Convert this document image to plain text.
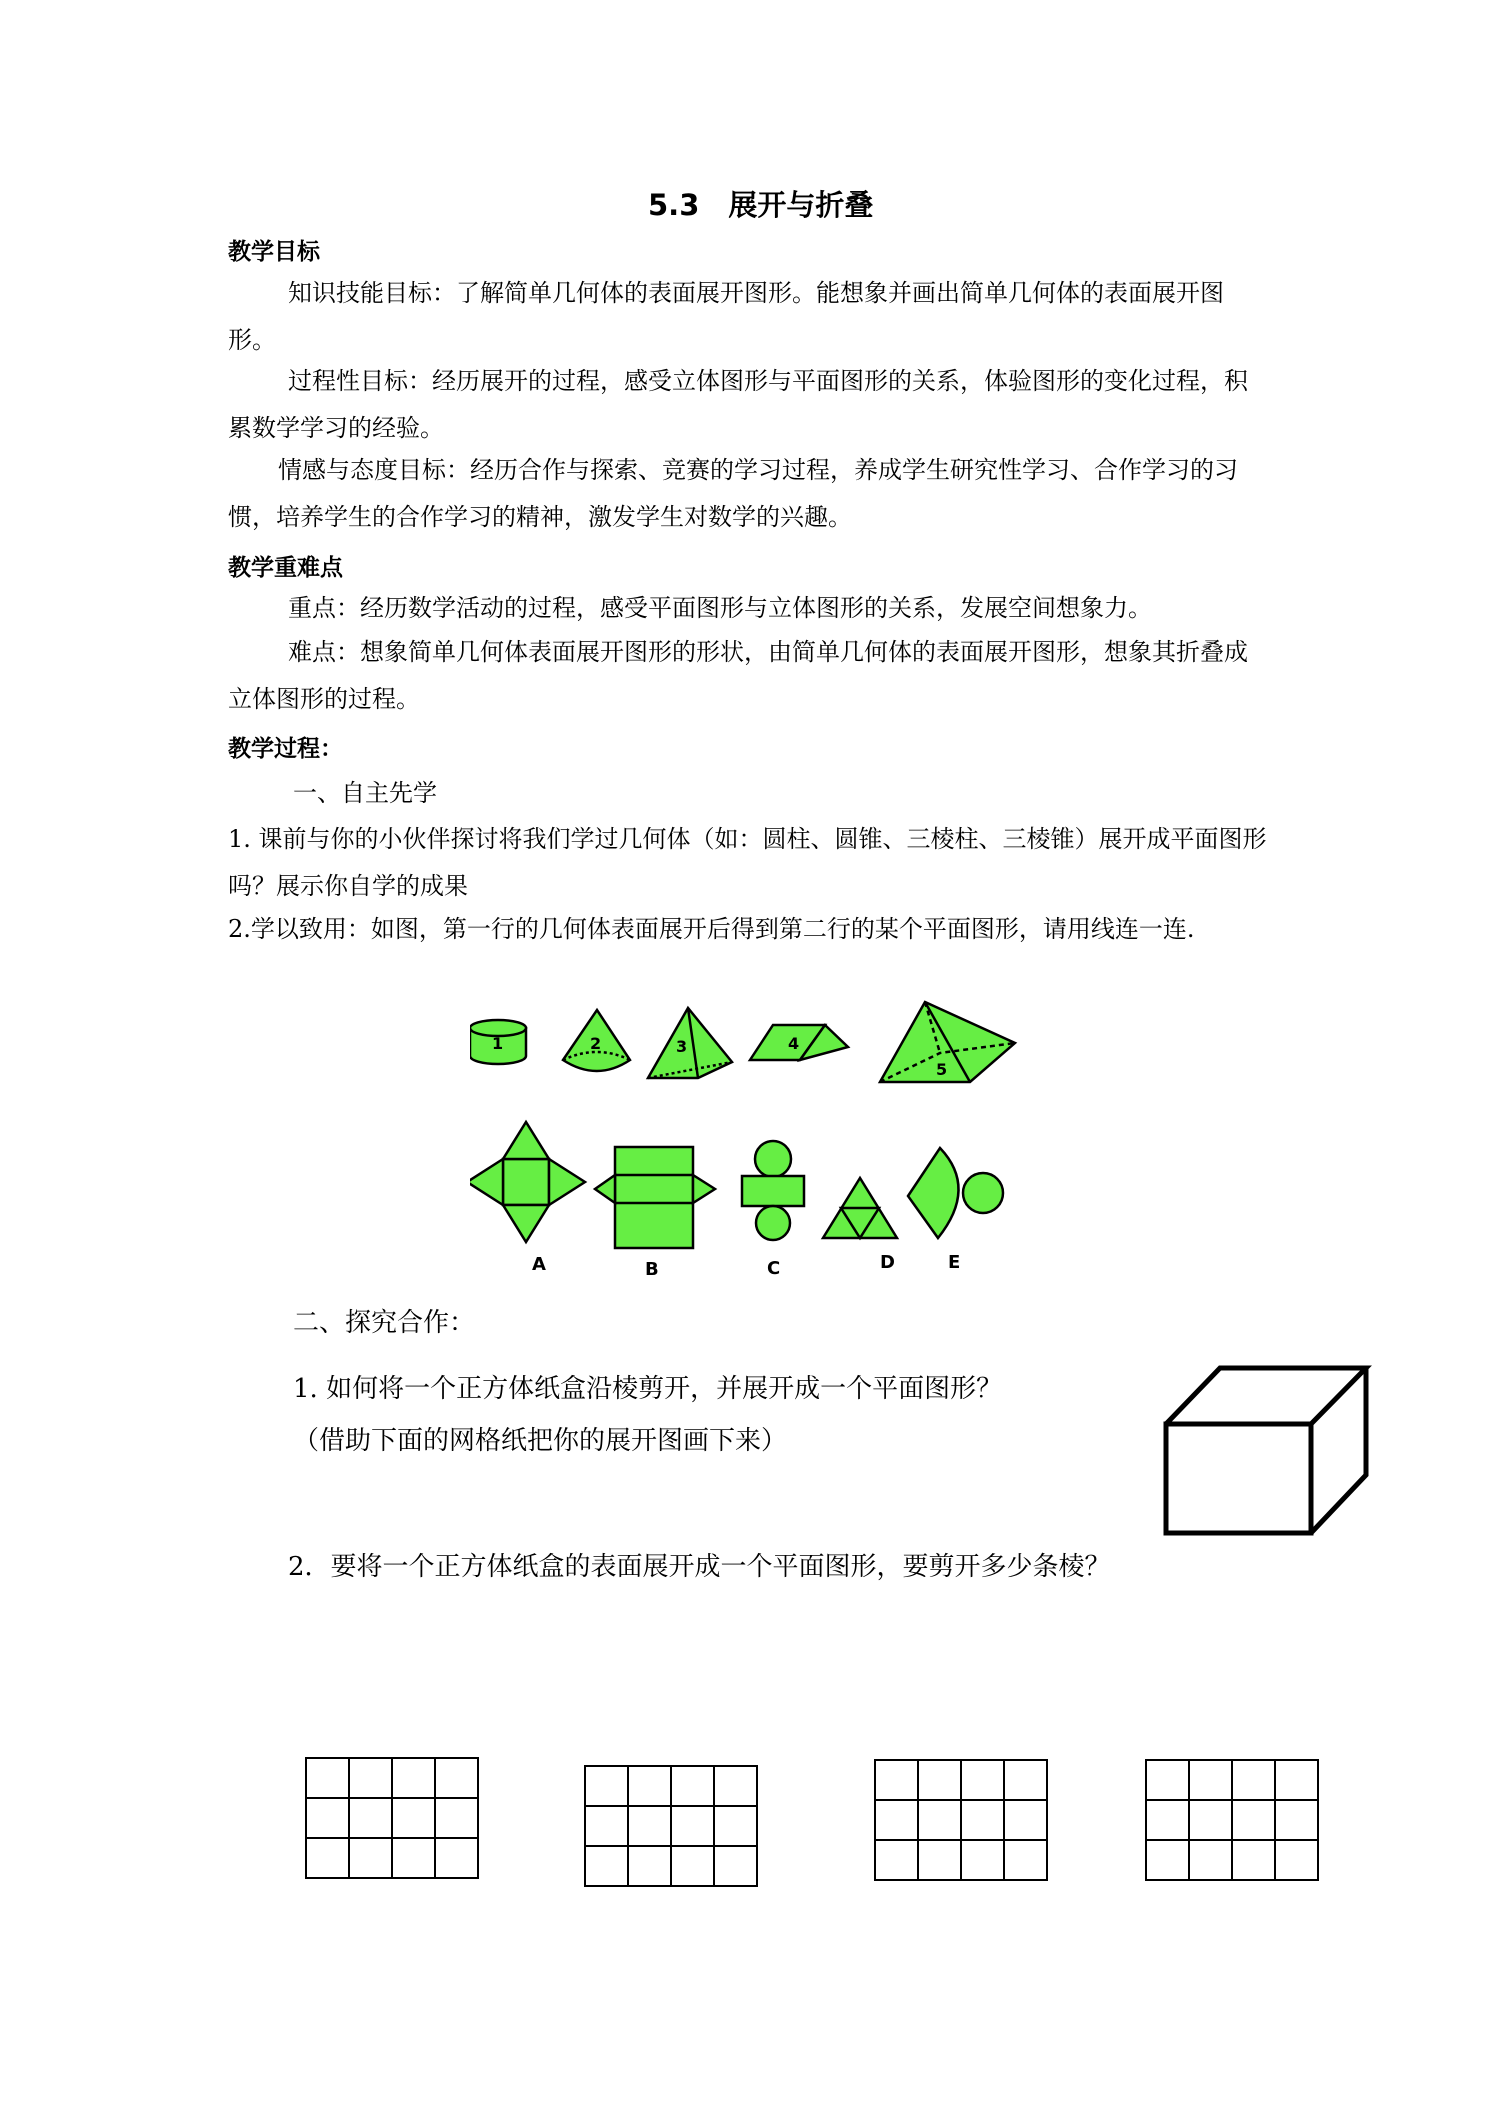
5.3　展开与折叠
教学目标
知识技能目标：了解简单几何体的表面展开图形。能想象并画出简单几何体的表面展开图形。
过程性目标：经历展开的过程，感受立体图形与平面图形的关系，体验图形的变化过程，积累数学学习的经验。
情感与态度目标：经历合作与探索、竞赛的学习过程，养成学生研究性学习、合作学习的习惯，培养学生的合作学习的精神，激发学生对数学的兴趣。
教学重难点
重点：经历数学活动的过程，感受平面图形与立体图形的关系，发展空间想象力。
难点：想象简单几何体表面展开图形的形状，由简单几何体的表面展开图形，想象其折叠成立体图形的过程。
教学过程：
一、自主先学
1. 课前与你的小伙伴探讨将我们学过几何体（如：圆柱、圆锥、三棱柱、三棱锥）展开成平面图形吗？展示你自学的成果
2.学以致用：如图，第一行的几何体表面展开后得到第二行的某个平面图形，请用线连一连.
1	2	3	4
5
A	B	C	D	E
二、探究合作：
1. 如何将一个正方体纸盒沿棱剪开，并展开成一个平面图形？
（借助下面的网格纸把你的展开图画下来）
2．要将一个正方体纸盒的表面展开成一个平面图形，要剪开多少条棱？
